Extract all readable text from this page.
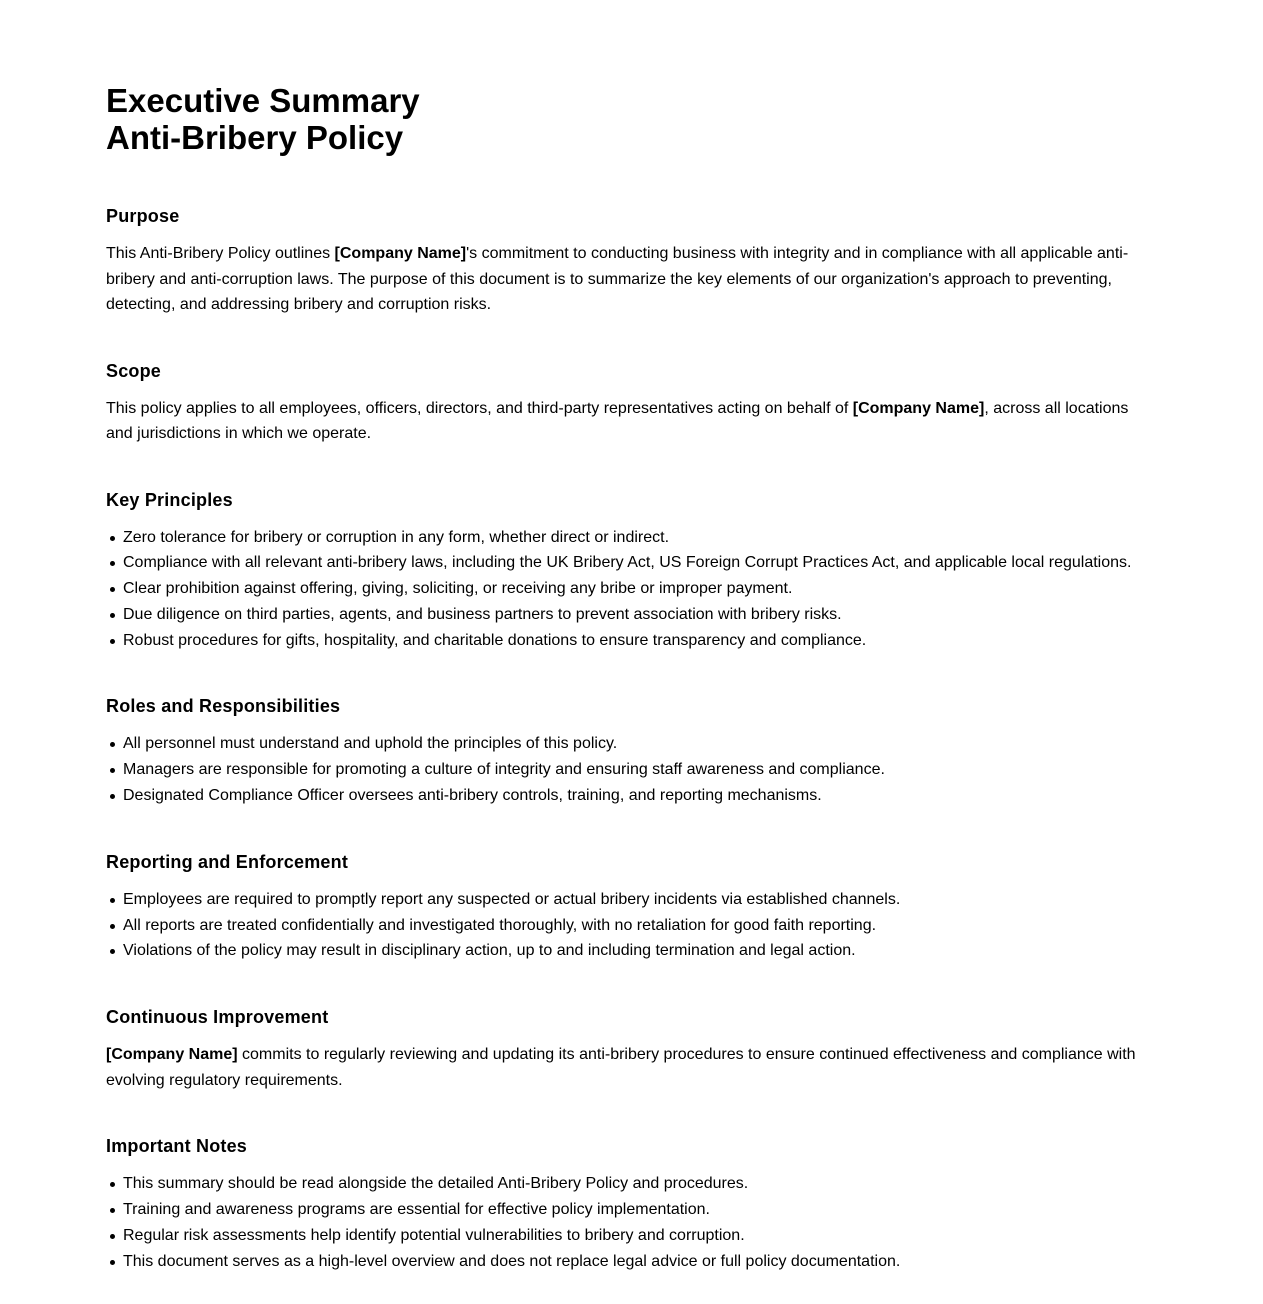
Executive Summary
Anti-Bribery Policy
Purpose

This Anti-Bribery Policy outlines [Company Name]'s commitment to conducting business with integrity and in compliance with all applicable anti-bribery and anti-corruption laws. The purpose of this document is to summarize the key elements of our organization's approach to preventing, detecting, and addressing bribery and corruption risks.

Scope

This policy applies to all employees, officers, directors, and third-party representatives acting on behalf of [Company Name], across all locations and jurisdictions in which we operate.

Key Principles
Zero tolerance for bribery or corruption in any form, whether direct or indirect.
Compliance with all relevant anti-bribery laws, including the UK Bribery Act, US Foreign Corrupt Practices Act, and applicable local regulations.
Clear prohibition against offering, giving, soliciting, or receiving any bribe or improper payment.
Due diligence on third parties, agents, and business partners to prevent association with bribery risks.
Robust procedures for gifts, hospitality, and charitable donations to ensure transparency and compliance.
Roles and Responsibilities
All personnel must understand and uphold the principles of this policy.
Managers are responsible for promoting a culture of integrity and ensuring staff awareness and compliance.
Designated Compliance Officer oversees anti-bribery controls, training, and reporting mechanisms.
Reporting and Enforcement
Employees are required to promptly report any suspected or actual bribery incidents via established channels.
All reports are treated confidentially and investigated thoroughly, with no retaliation for good faith reporting.
Violations of the policy may result in disciplinary action, up to and including termination and legal action.
Continuous Improvement

[Company Name] commits to regularly reviewing and updating its anti-bribery procedures to ensure continued effectiveness and compliance with evolving regulatory requirements.

Important Notes
This summary should be read alongside the detailed Anti-Bribery Policy and procedures.
Training and awareness programs are essential for effective policy implementation.
Regular risk assessments help identify potential vulnerabilities to bribery and corruption.
This document serves as a high-level overview and does not replace legal advice or full policy documentation.
